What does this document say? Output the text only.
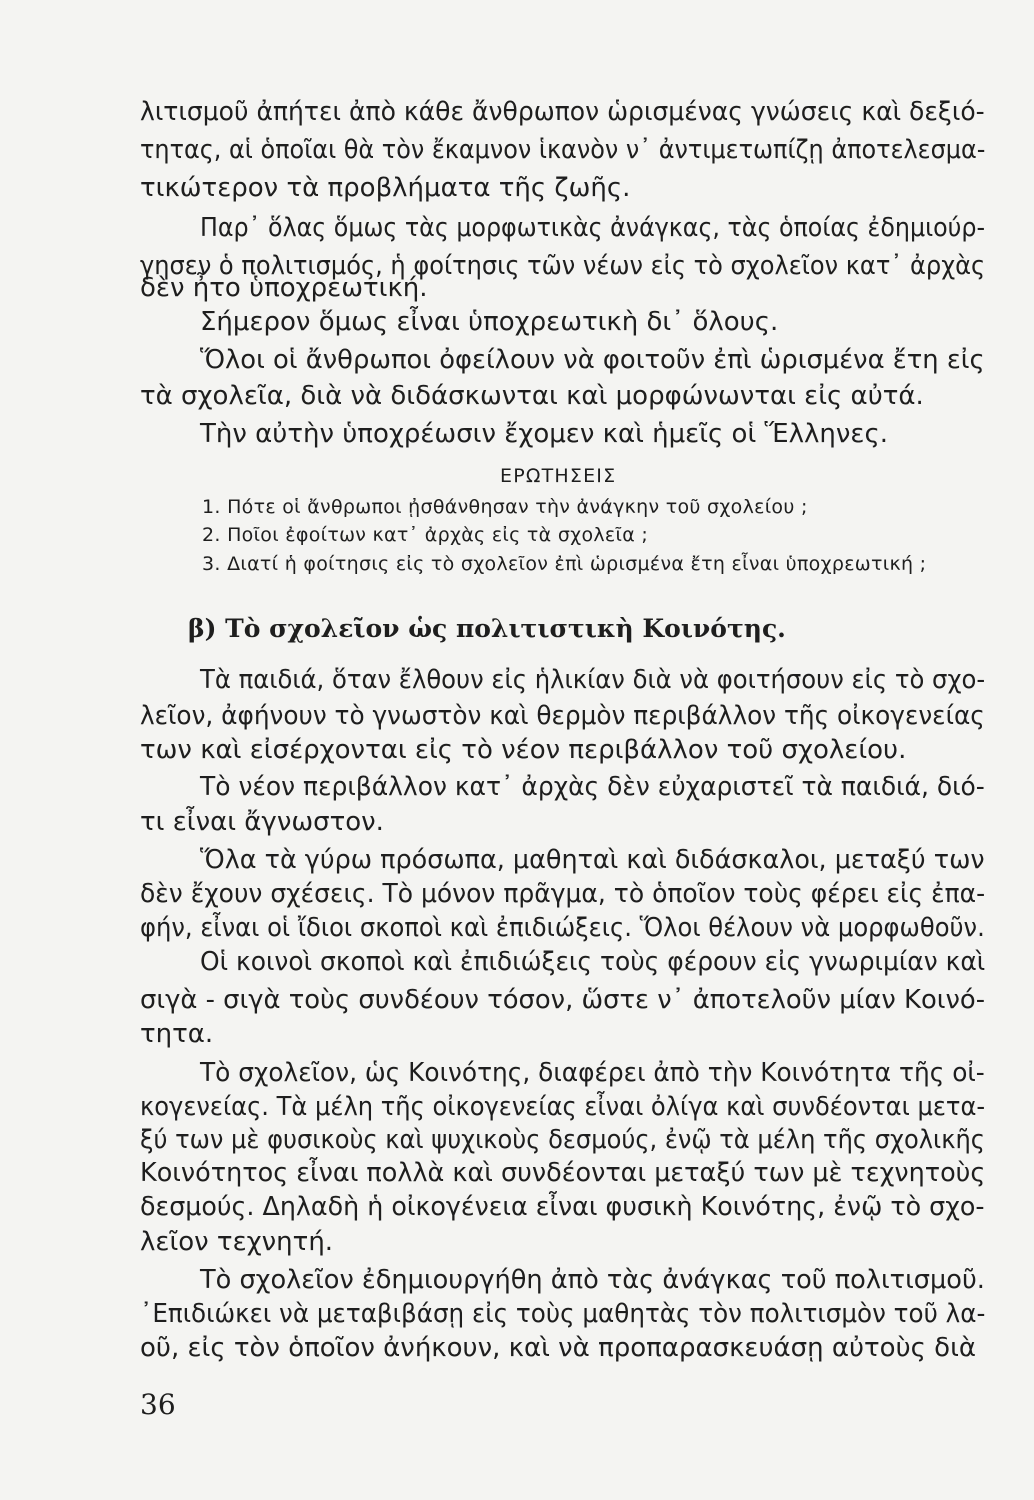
λιτισμοῦ ἀπήτει ἀπὸ κάθε ἄνθρωπον ὡρισμένας γνώσεις καὶ δεξιό-
τητας, αἱ ὁποῖαι θὰ τὸν ἔκαμνον ἱκανὸν ν᾿ ἀντιμετωπίζῃ ἀποτελεσμα-
τικώτερον τὰ προβλήματα τῆς ζωῆς.
Παρ᾿ ὅλας ὅμως τὰς μορφωτικὰς ἀνάγκας, τὰς ὁποίας ἐδημιούρ-
γησεν ὁ πολιτισμός, ἡ φοίτησις τῶν νέων εἰς τὸ σχολεῖον κατ᾿ ἀρχὰς
δὲν ἦτο ὑποχρεωτική.
Σήμερον ὅμως εἶναι ὑποχρεωτικὴ δι᾿ ὅλους.
Ὅλοι οἱ ἄνθρωποι ὀφείλουν νὰ φοιτοῦν ἐπὶ ὡρισμένα ἔτη εἰς
τὰ σχολεῖα, διὰ νὰ διδάσκωνται καὶ μορφώνωνται εἰς αὐτά.
Τὴν αὐτὴν ὑποχρέωσιν ἔχομεν καὶ ἡμεῖς οἱ Ἕλληνες.
ΕΡΩΤΗΣΕΙΣ
1. Πότε οἱ ἄνθρωποι ᾐσθάνθησαν τὴν ἀνάγκην τοῦ σχολείου ;
2. Ποῖοι ἐφοίτων κατ᾿ ἀρχὰς εἰς τὰ σχολεῖα ;
3. Διατί ἡ φοίτησις εἰς τὸ σχολεῖον ἐπὶ ὡρισμένα ἔτη εἶναι ὑποχρεωτική ;
β) Τὸ σχολεῖον ὡς πολιτιστικὴ Κοινότης.
Τὰ παιδιά, ὅταν ἔλθουν εἰς ἡλικίαν διὰ νὰ φοιτήσουν εἰς τὸ σχο-
λεῖον, ἀφήνουν τὸ γνωστὸν καὶ θερμὸν περιβάλλον τῆς οἰκογενείας
των καὶ εἰσέρχονται εἰς τὸ νέον περιβάλλον τοῦ σχολείου.
Τὸ νέον περιβάλλον κατ᾿ ἀρχὰς δὲν εὐχαριστεῖ τὰ παιδιά, διό-
τι εἶναι ἄγνωστον.
Ὅλα τὰ γύρω πρόσωπα, μαθηταὶ καὶ διδάσκαλοι, μεταξύ των
δὲν ἔχουν σχέσεις. Τὸ μόνον πρᾶγμα, τὸ ὁποῖον τοὺς φέρει εἰς ἐπα-
φήν, εἶναι οἱ ἴδιοι σκοποὶ καὶ ἐπιδιώξεις. Ὅλοι θέλουν νὰ μορφωθοῦν.
Οἱ κοινοὶ σκοποὶ καὶ ἐπιδιώξεις τοὺς φέρουν εἰς γνωριμίαν καὶ
σιγὰ - σιγὰ τοὺς συνδέουν τόσον, ὥστε ν᾿ ἀποτελοῦν μίαν Κοινό-
τητα.
Τὸ σχολεῖον, ὡς Κοινότης, διαφέρει ἀπὸ τὴν Κοινότητα τῆς οἰ-
κογενείας. Τὰ μέλη τῆς οἰκογενείας εἶναι ὀλίγα καὶ συνδέονται μετα-
ξύ των μὲ φυσικοὺς καὶ ψυχικοὺς δεσμούς, ἐνῷ τὰ μέλη τῆς σχολικῆς
Κοινότητος εἶναι πολλὰ καὶ συνδέονται μεταξύ των μὲ τεχνητοὺς
δεσμούς. Δηλαδὴ ἡ οἰκογένεια εἶναι φυσικὴ Κοινότης, ἐνῷ τὸ σχο-
λεῖον τεχνητή.
Τὸ σχολεῖον ἐδημιουργήθη ἀπὸ τὰς ἀνάγκας τοῦ πολιτισμοῦ.
᾿Επιδιώκει νὰ μεταβιβάσῃ εἰς τοὺς μαθητὰς τὸν πολιτισμὸν τοῦ λα-
οῦ, εἰς τὸν ὁποῖον ἀνήκουν, καὶ νὰ προπαρασκευάσῃ αὐτοὺς διὰ
36
